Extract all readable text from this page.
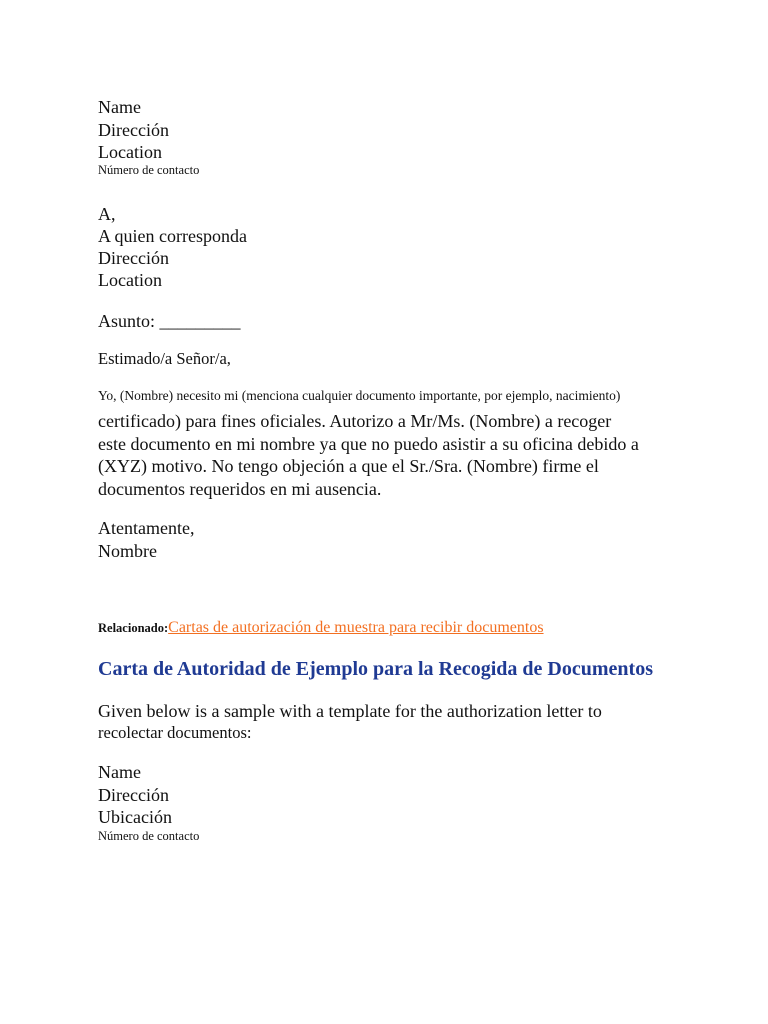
Name
Dirección
Location
Número de contacto
A,
A quien corresponda
Dirección
Location
Asunto: _________
Estimado/a Señor/a,
Yo, (Nombre) necesito mi (menciona cualquier documento importante, por ejemplo, nacimiento)
certificado) para fines oficiales. Autorizo a Mr/Ms. (Nombre) a recoger
este documento en mi nombre ya que no puedo asistir a su oficina debido a
(XYZ) motivo. No tengo objeción a que el Sr./Sra. (Nombre) firme el
documentos requeridos en mi ausencia.
Atentamente,
Nombre
Relacionado:Cartas de autorización de muestra para recibir documentos
Carta de Autoridad de Ejemplo para la Recogida de Documentos
Given below is a sample with a template for the authorization letter to
recolectar documentos:
Name
Dirección
Ubicación
Número de contacto
